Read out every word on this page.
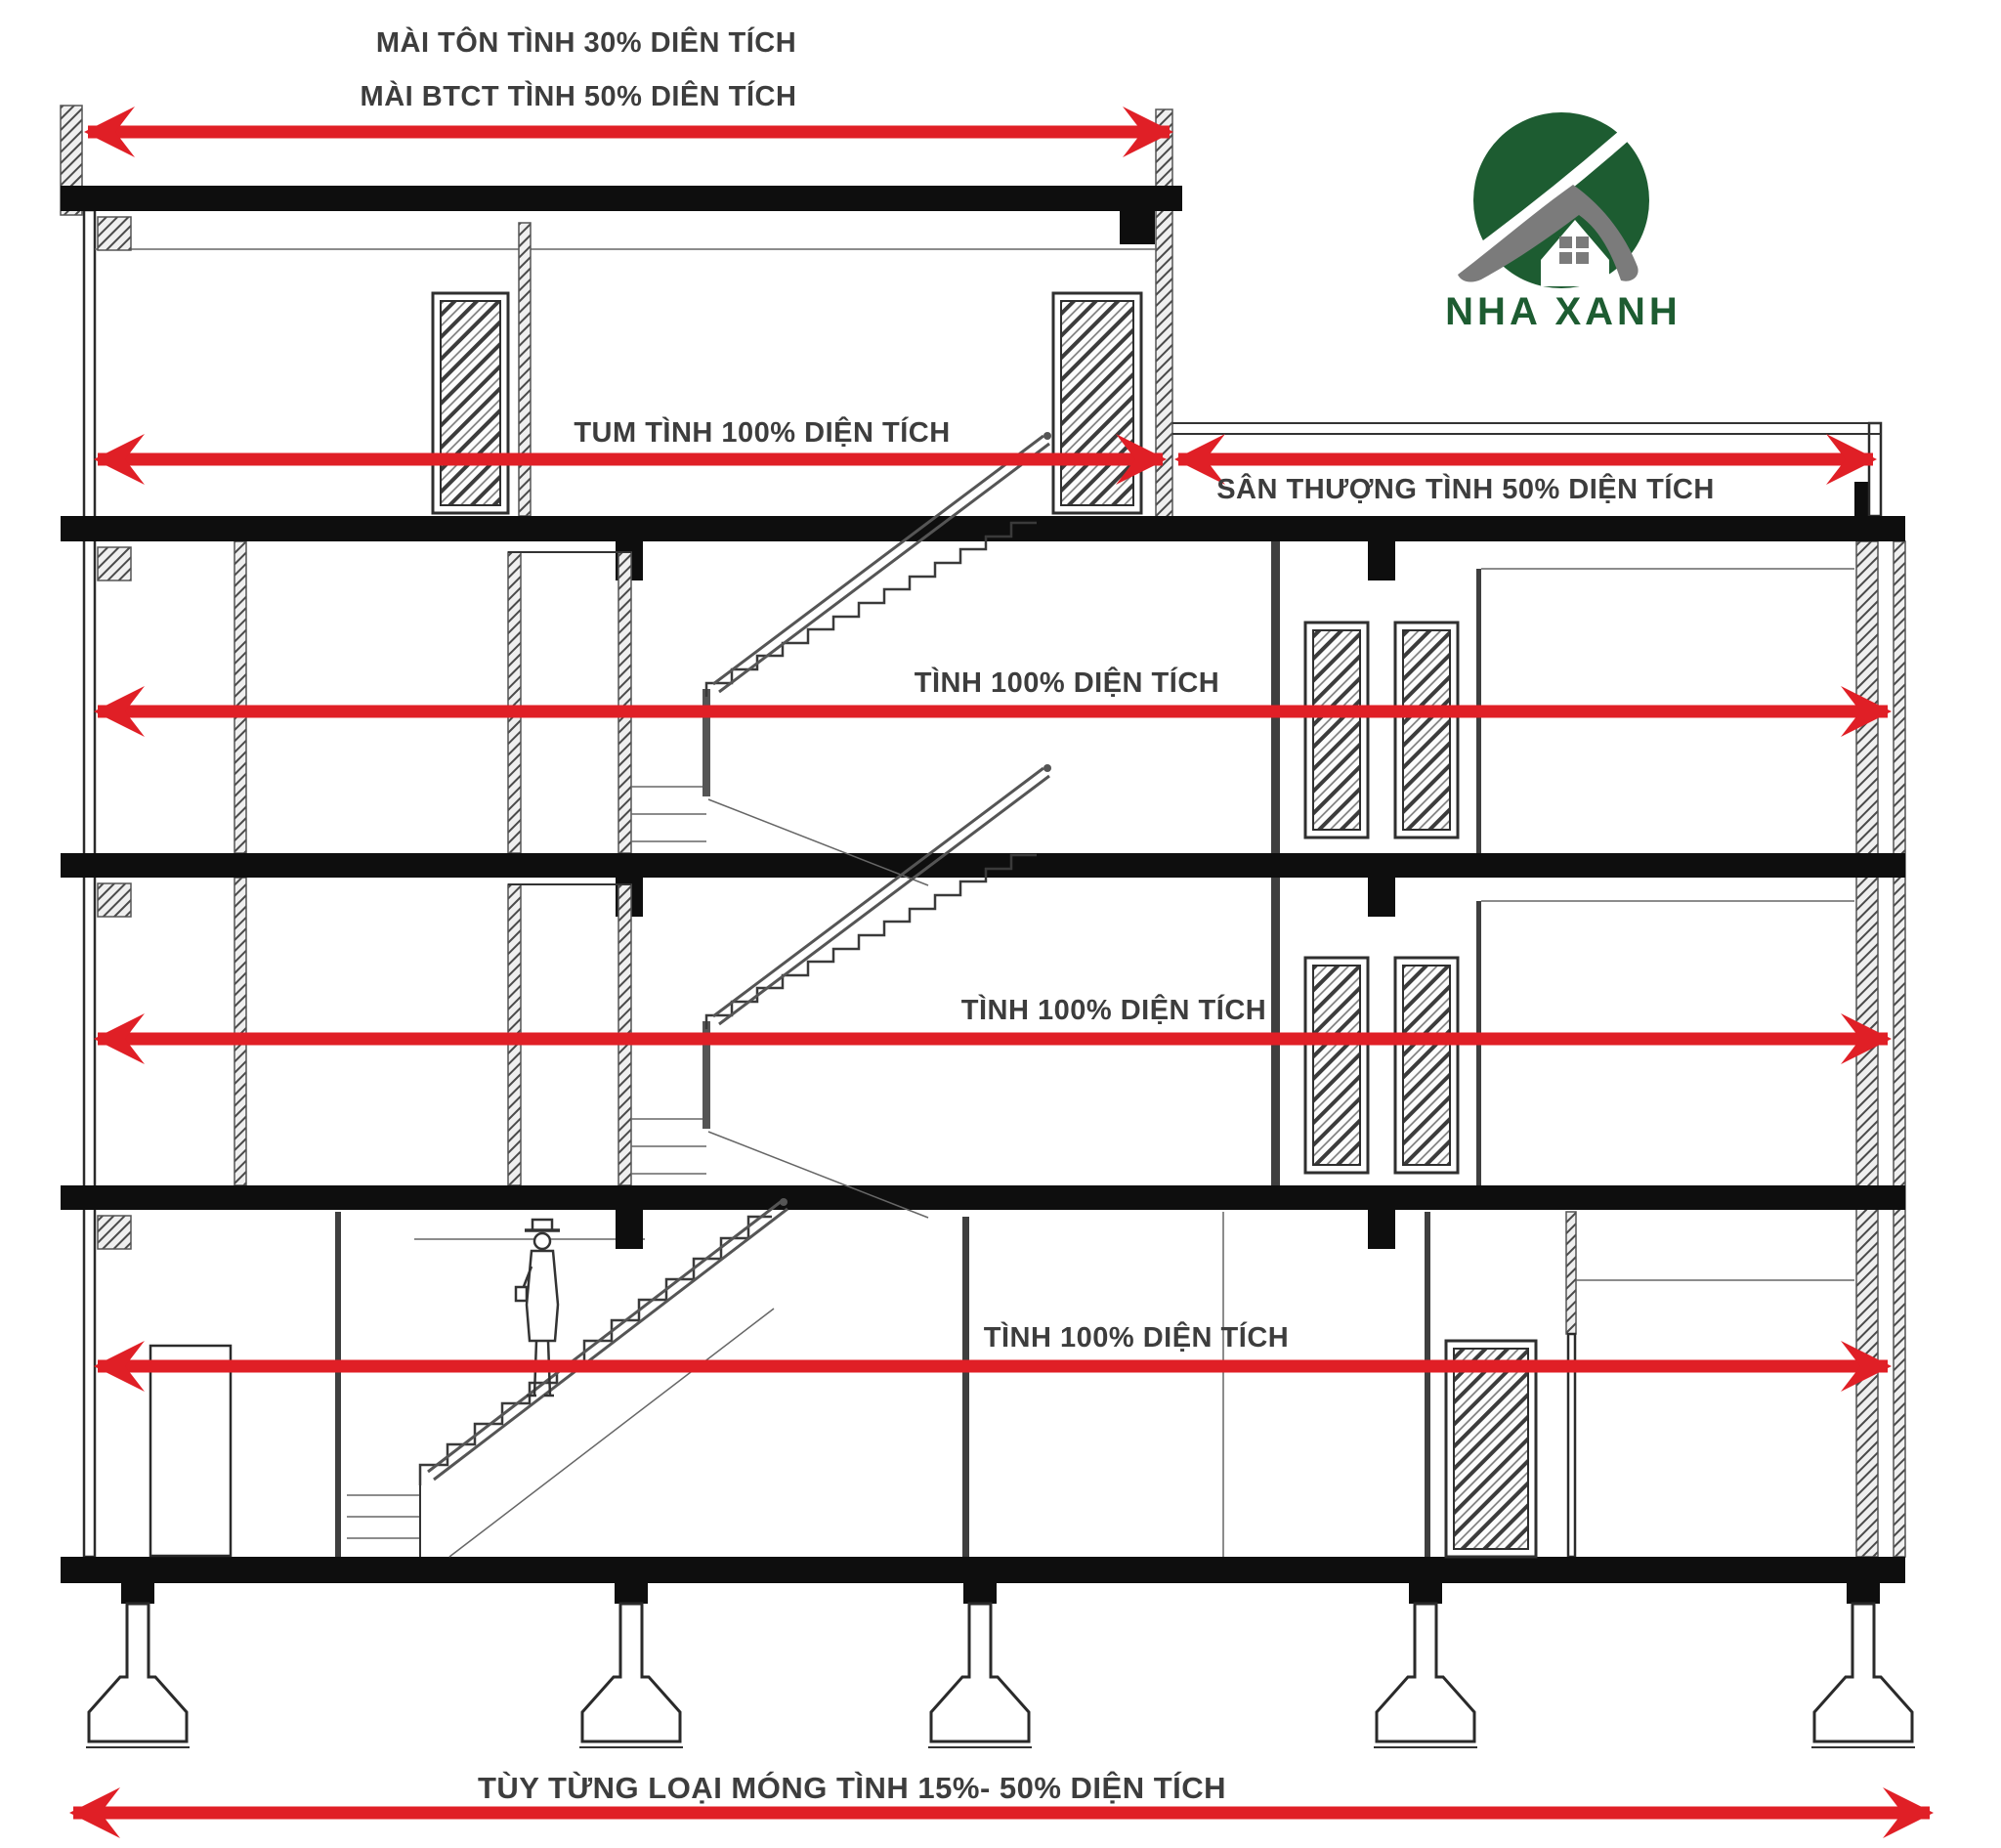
MÀI TÔN TÌNH 30% DIÊN TÍCH
MÀI BTCT TÌNH 50% DIÊN TÍCH
TUM TÌNH 100% DIỆN TÍCH
SÂN THƯỢNG TÌNH 50% DIỆN TÍCH
TÌNH 100% DIỆN TÍCH
TÌNH 100% DIỆN TÍCH
TÌNH 100% DIỆN TÍCH
TÙY TỪNG LOẠI MÓNG TÌNH 15%- 50% DIỆN TÍCH
NHA XANH
